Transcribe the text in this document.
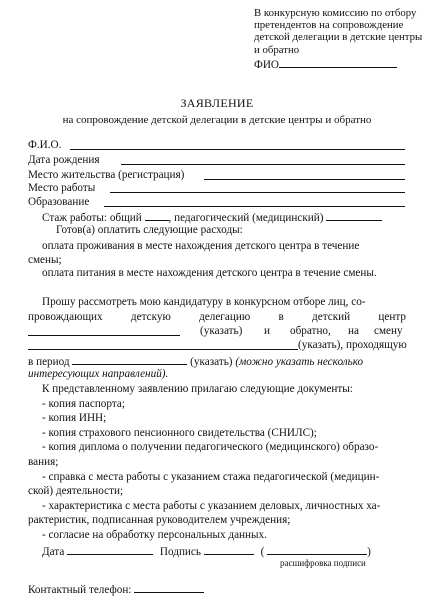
В конкурсную комиссию по отбору претендентов на сопровождение детской делегации в детские центры и обратно
ФИО
ЗАЯВЛЕНИЕ
на сопровождение детской делегации в детские центры и обратно
Ф.И.О.
Дата рождения
Место жительства (регистрация)
Место работы
Образование
Стаж работы: общий , педагогический (медицинский)
Готов(а) оплатить следующие расходы:
оплата проживания в месте нахождения детского центра в течение
смены;
оплата питания в месте нахождения детского центра в течение смены.
Прошу рассмотреть мою кандидатуру в конкурсном отборе лиц, со-
провождающих	детскую	делегацию	в	детский	центр
(указать) и обратно, на смену
(указать), проходящую
в период	(указать) (можно указать несколько
интересующих направлений).
К представленному заявлению прилагаю следующие документы:
- копия паспорта;
- копия ИНН;
- копия страхового пенсионного свидетельства (СНИЛС);
- копия диплома о получении педагогического (медицинского) образо-
вания;
- справка с места работы с указанием стажа педагогической (медицин-
ской) деятельности;
- характеристика с места работы с указанием деловых, личностных ха-
рактеристик, подписанная руководителем учреждения;
- согласие на обработку персональных данных.
Дата	Подпись	(	)
расшифровка подписи
Контактный телефон:
